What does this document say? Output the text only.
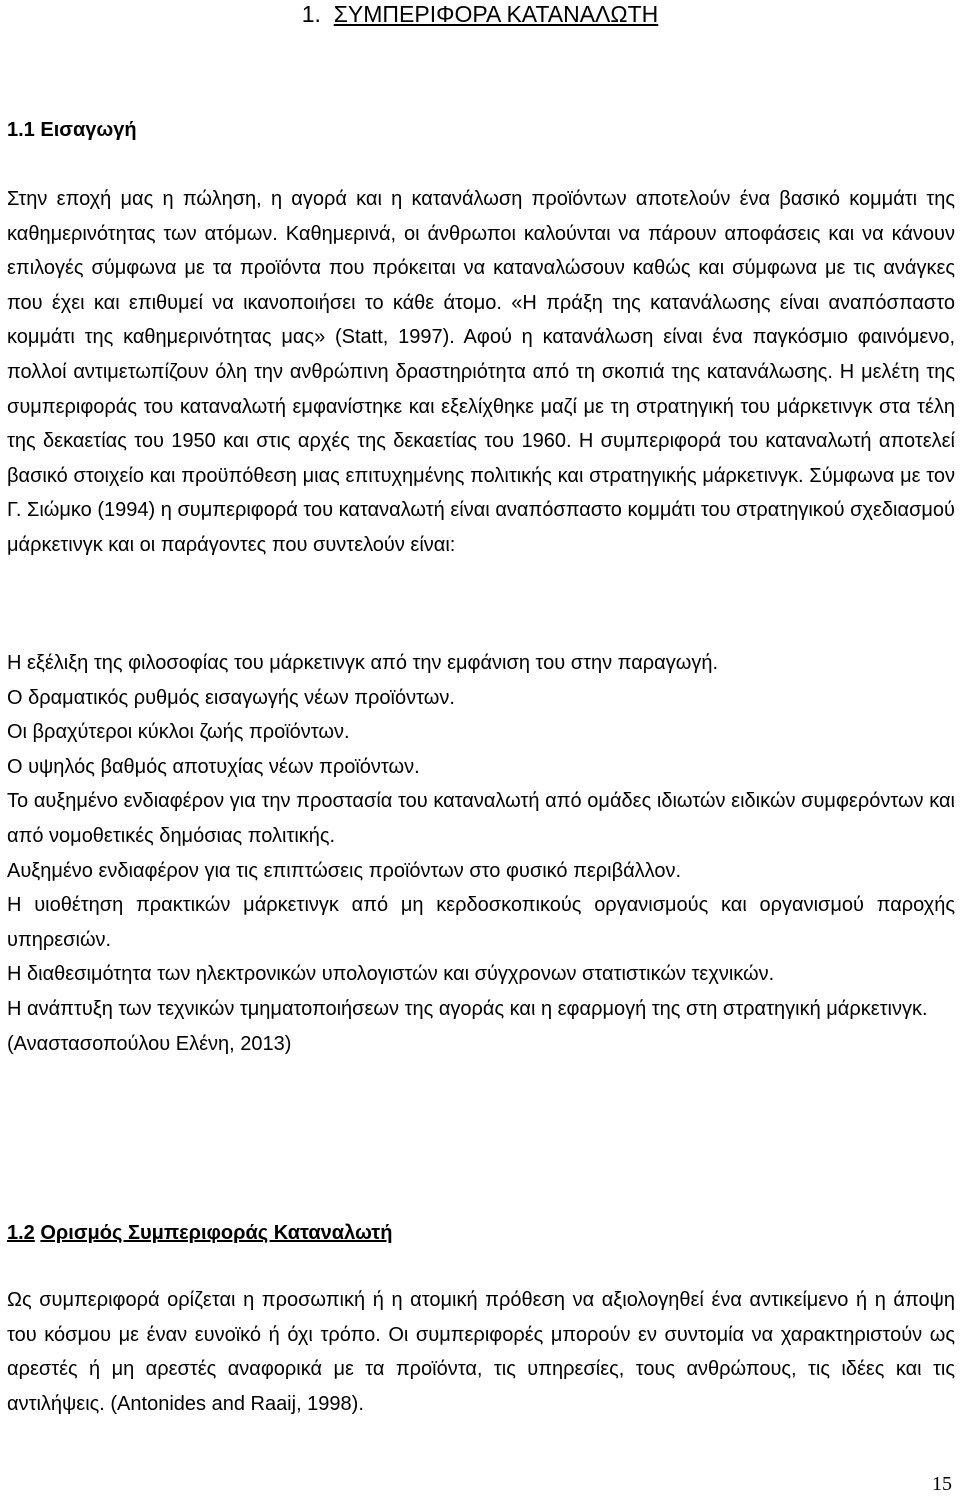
1. ΣΥΜΠΕΡΙΦΟΡΑ ΚΑΤΑΝΑΛΩΤΗ
1.1 Εισαγωγή

Στην εποχή μας η πώληση, η αγορά και η κατανάλωση προϊόντων αποτελούν ένα βασικό κομμάτι της καθημερινότητας των ατόμων. Καθημερινά, οι άνθρωποι καλούνται να πάρουν αποφάσεις και να κάνουν επιλογές σύμφωνα με τα προϊόντα που πρόκειται να καταναλώσουν καθώς και σύμφωνα με τις ανάγκες που έχει και επιθυμεί να ικανοποιήσει το κάθε άτομο. «Η πράξη της κατανάλωσης είναι αναπόσπαστο κομμάτι της καθημερινότητας μας» (Statt, 1997). Αφού η κατανάλωση είναι ένα παγκόσμιο φαινόμενο, πολλοί αντιμετωπίζουν όλη την ανθρώπινη δραστηριότητα από τη σκοπιά της κατανάλωσης. Η μελέτη της συμπεριφοράς του καταναλωτή εμφανίστηκε και εξελίχθηκε μαζί με τη στρατηγική του μάρκετινγκ στα τέλη της δεκαετίας του 1950 και στις αρχές της δεκαετίας του 1960. Η συμπεριφορά του καταναλωτή αποτελεί βασικό στοιχείο και προϋπόθεση μιας επιτυχημένης πολιτικής και στρατηγικής μάρκετινγκ. Σύμφωνα με τον Γ. Σιώμκο (1994) η συμπεριφορά του καταναλωτή είναι αναπόσπαστο κομμάτι του στρατηγικού σχεδιασμού μάρκετινγκ και οι παράγοντες που συντελούν είναι:

Η εξέλιξη της φιλοσοφίας του μάρκετινγκ από την εμφάνιση του στην παραγωγή.
Ο δραματικός ρυθμός εισαγωγής νέων προϊόντων.
Οι βραχύτεροι κύκλοι ζωής προϊόντων.
Ο υψηλός βαθμός αποτυχίας νέων προϊόντων.
Το αυξημένο ενδιαφέρον για την προστασία του καταναλωτή από ομάδες ιδιωτών ειδικών συμφερόντων και από νομοθετικές δημόσιας πολιτικής.
Αυξημένο ενδιαφέρον για τις επιπτώσεις προϊόντων στο φυσικό περιβάλλον.
Η υιοθέτηση πρακτικών μάρκετινγκ από μη κερδοσκοπικούς οργανισμούς και οργανισμού παροχής υπηρεσιών.
Η διαθεσιμότητα των ηλεκτρονικών υπολογιστών και σύγχρονων στατιστικών τεχνικών.
Η ανάπτυξη των τεχνικών τμηματοποιήσεων της αγοράς και η εφαρμογή της στη στρατηγική μάρκετινγκ.
(Αναστασοπούλου Ελένη, 2013)
1.2 Ορισμός Συμπεριφοράς Καταναλωτή

Ως συμπεριφορά ορίζεται η προσωπική ή η ατομική πρόθεση να αξιολογηθεί ένα αντικείμενο ή η άποψη του κόσμου με έναν ευνοϊκό ή όχι τρόπο. Οι συμπεριφορές μπορούν εν συντομία να χαρακτηριστούν ως αρεστές ή μη αρεστές αναφορικά με τα προϊόντα, τις υπηρεσίες, τους ανθρώπους, τις ιδέες και τις αντιλήψεις. (Antonides and Raaij, 1998).

15
